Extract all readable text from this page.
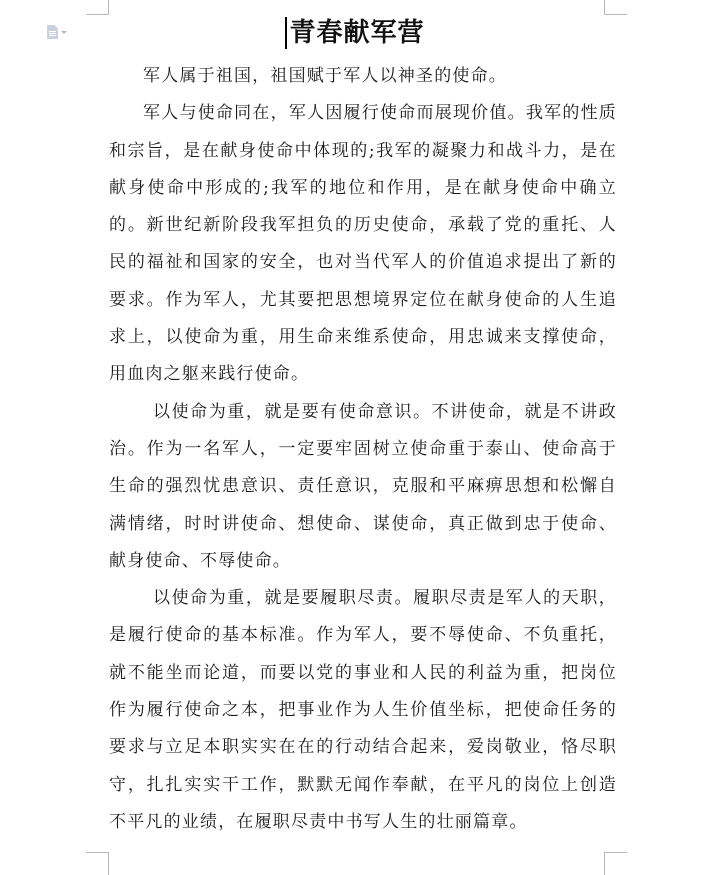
青春献军营

军人属于祖国，祖国赋于军人以神圣的使命。

军人与使命同在，军人因履行使命而展现价值。我军的性质和宗旨，是在献身使命中体现的;我军的凝聚力和战斗力，是在献身使命中形成的;我军的地位和作用，是在献身使命中确立的。新世纪新阶段我军担负的历史使命，承载了党的重托、人民的福祉和国家的安全，也对当代军人的价值追求提出了新的要求。作为军人，尤其要把思想境界定位在献身使命的人生追求上，以使命为重，用生命来维系使命，用忠诚来支撑使命，用血肉之躯来践行使命。

以使命为重，就是要有使命意识。不讲使命，就是不讲政治。作为一名军人，一定要牢固树立使命重于泰山、使命高于生命的强烈忧患意识、责任意识，克服和平麻痹思想和松懈自满情绪，时时讲使命、想使命、谋使命，真正做到忠于使命、献身使命、不辱使命。

以使命为重，就是要履职尽责。履职尽责是军人的天职，是履行使命的基本标准。作为军人，要不辱使命、不负重托，就不能坐而论道，而要以党的事业和人民的利益为重，把岗位作为履行使命之本，把事业作为人生价值坐标，把使命任务的要求与立足本职实实在在的行动结合起来，爱岗敬业，恪尽职守，扎扎实实干工作，默默无闻作奉献，在平凡的岗位上创造不平凡的业绩，在履职尽责中书写人生的壮丽篇章。
